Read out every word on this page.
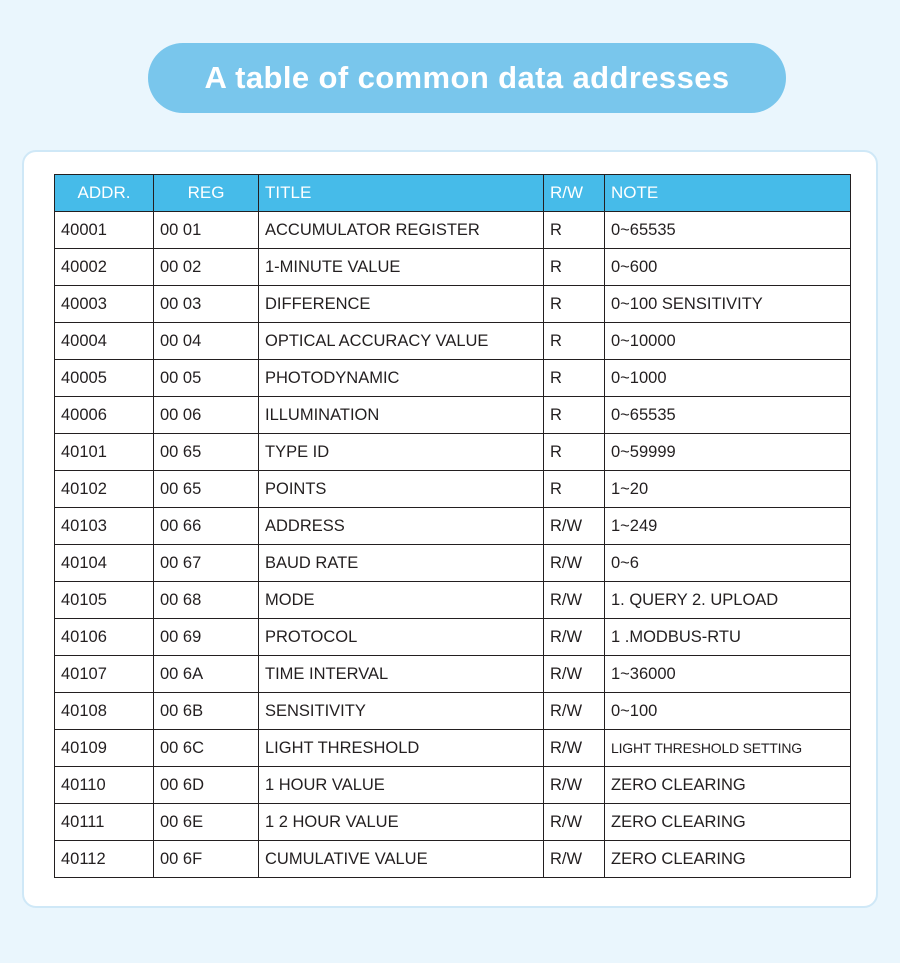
A table of common data addresses
ADDR.	REG	TITLE	R/W	NOTE
40001	00 01	ACCUMULATOR REGISTER	R	0~65535
40002	00 02	1-MINUTE VALUE	R	0~600
40003	00 03	DIFFERENCE	R	0~100 SENSITIVITY
40004	00 04	OPTICAL ACCURACY VALUE	R	0~10000
40005	00 05	PHOTODYNAMIC	R	0~1000
40006	00 06	ILLUMINATION	R	0~65535
40101	00 65	TYPE ID	R	0~59999
40102	00 65	POINTS	R	1~20
40103	00 66	ADDRESS	R/W	1~249
40104	00 67	BAUD RATE	R/W	0~6
40105	00 68	MODE	R/W	1. QUERY 2. UPLOAD
40106	00 69	PROTOCOL	R/W	1 .MODBUS-RTU
40107	00 6A	TIME INTERVAL	R/W	1~36000
40108	00 6B	SENSITIVITY	R/W	0~100
40109	00 6C	LIGHT THRESHOLD	R/W	LIGHT THRESHOLD SETTING
40110	00 6D	1 HOUR VALUE	R/W	ZERO CLEARING
40111	00 6E	1 2 HOUR VALUE	R/W	ZERO CLEARING
40112	00 6F	CUMULATIVE VALUE	R/W	ZERO CLEARING
